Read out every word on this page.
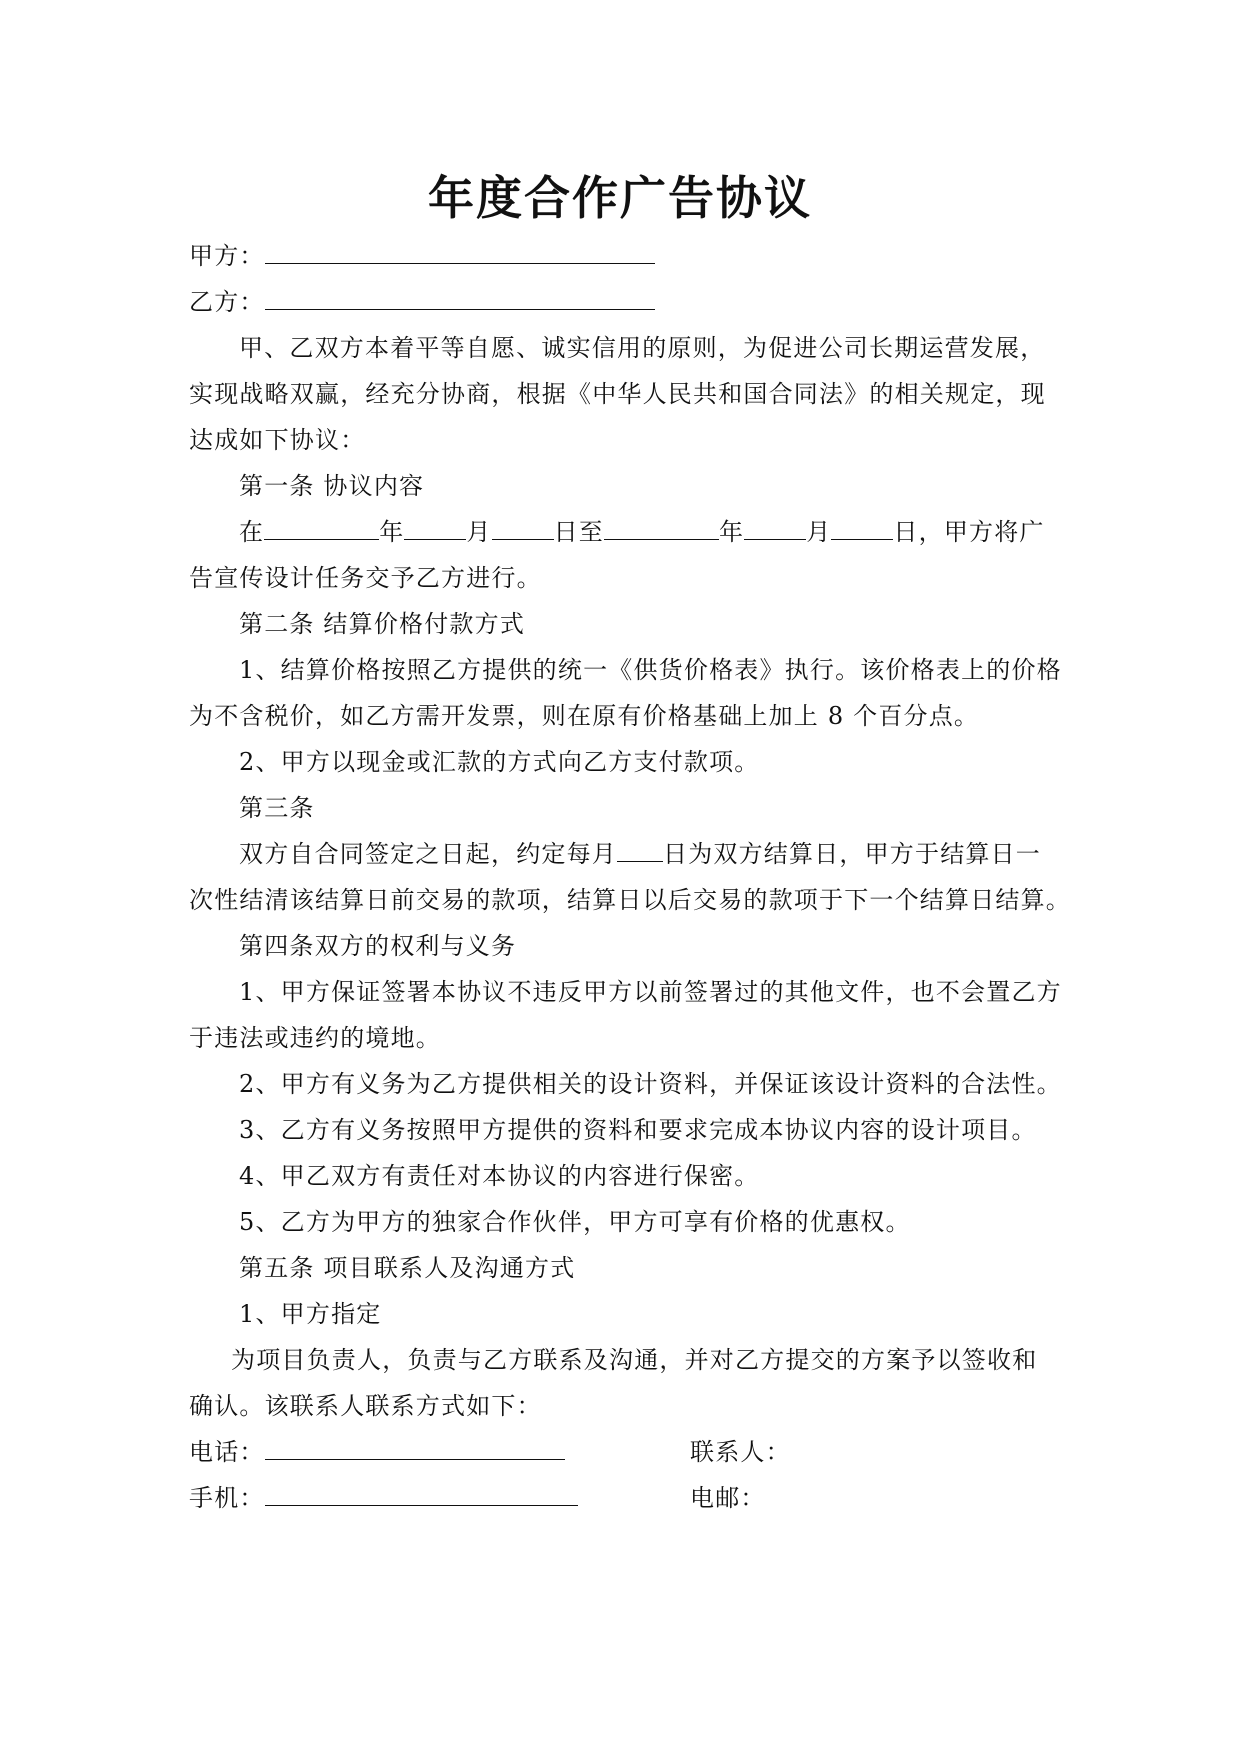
年度合作广告协议
甲方：
乙方：
甲、乙双方本着平等自愿、诚实信用的原则，为促进公司长期运营发展，
实现战略双赢，经充分协商，根据《中华人民共和国合同法》的相关规定，现
达成如下协议：
第一条 协议内容
在	年	月	日至	年	月	日，甲方将广
告宣传设计任务交予乙方进行。
第二条 结算价格付款方式
1、结算价格按照乙方提供的统一《供货价格表》执行。该价格表上的价格
为不含税价，如乙方需开发票，则在原有价格基础上加上 8 个百分点。
2、甲方以现金或汇款的方式向乙方支付款项。
第三条
双方自合同签定之日起，约定每月 日为双方结算日，甲方于结算日一
次性结清该结算日前交易的款项，结算日以后交易的款项于下一个结算日结算。
第四条双方的权利与义务
1、甲方保证签署本协议不违反甲方以前签署过的其他文件，也不会置乙方
于违法或违约的境地。
2、甲方有义务为乙方提供相关的设计资料，并保证该设计资料的合法性。
3、乙方有义务按照甲方提供的资料和要求完成本协议内容的设计项目。
4、甲乙双方有责任对本协议的内容进行保密。
5、乙方为甲方的独家合作伙伴，甲方可享有价格的优惠权。
第五条 项目联系人及沟通方式
1、甲方指定
为项目负责人，负责与乙方联系及沟通，并对乙方提交的方案予以签收和
确认。该联系人联系方式如下：
电话：	联系人：
手机：	电邮：
